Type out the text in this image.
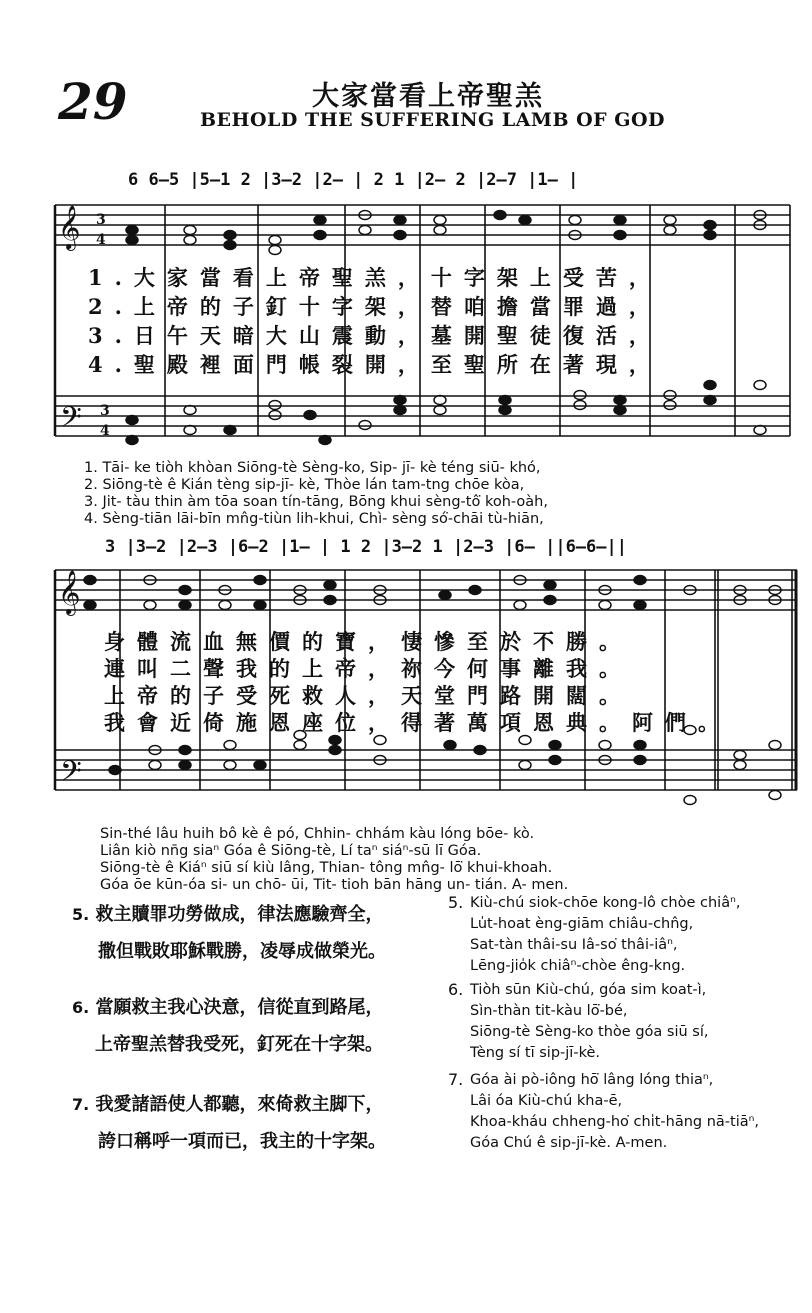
29	大家當看上帝聖羔
BEHOLD THE SUFFERING LAMB OF GOD
𝄞
𝄢
𝄞
𝄢
3
4
3
4
6 6—5 |5—1 2 |3—2 |2— | 2 1 |2— 2 |2—7 |1— |
1.大家當看上帝聖羔，十字架上受苦，
2.上帝的子釘十字架，替咱擔當罪過，
3.日午天暗大山震動，墓開聖徒復活，
4.聖殿裡面門帳裂開，至聖所在著現，
1. Tāi- ke tiòh khòan Siōng-tè Sèng-ko, Sip- jī- kè téng siū- khó,
2. Siōng-tè ê Kián tèng sip-jī- kè, Thòe lán tam-tng chōe kòa,
3. Jit- tàu thin àm tōa soan tín-tāng, Bōng khui sèng-tô͘ koh-oàh,
4. Sèng-tiān lāi-bīn mn̂g-tiùn lih-khui, Chì- sèng só͘-chāi tù-hiān,
3 |3—2 |2—3 |6—2 |1— | 1 2 |3—2 1 |2—3 |6— ||6—6—||
身體流血無價的寶，悽慘至於不勝。
連叫二聲我的上帝，祢今何事離我。
上帝的子受死救人，天堂門路開闊。
我會近倚施恩座位，得著萬項恩典。阿們。
Sin-thé lâu huih bô kè ê pó, Chhin- chhám kàu lóng bōe- kò.
Liân kiò nn̄g siaⁿ Góa ê Siōng-tè, Lí taⁿ siáⁿ-sū lī Góa.
Siōng-tè ê Kiáⁿ siū sí kiù lâng, Thian- tông mn̂g- lō͘ khui-khoah.
Góa ōe kūn-óa si- un chō- ūi, Tit- tioh bān hāng un- tián. A- men.
5. 救主贖罪功勞做成，律法應驗齊全，
撒但戰敗耶穌戰勝，凌辱成做榮光。
6. 當願救主我心決意，信從直到路尾，
上帝聖羔替我受死，釘死在十字架。
7. 我愛諸語使人都聽，來倚救主脚下，
誇口稱呼一項而已，我主的十字架。
5. Kiù-chú siok-chōe kong-lô chòe chiâⁿ,
Lu̍t-hoat èng-giām chiâu-chn̂g,
Sat-tàn thâi-su Iâ-so͘ thâi-iâⁿ,
Lēng-jio̍k chiâⁿ-chòe êng-kng.
6. Tiòh sūn Kiù-chú, góa sim koat-ì,
Sìn-thàn tit-kàu lō͘-bé,
Siōng-tè Sèng-ko thòe góa siū sí,
Tèng sí tī sip-jī-kè.
7. Góa ài pò-iông hō͘ lâng lóng thiaⁿ,
Lâi óa Kiù-chú kha-ē,
Khoa-kháu chheng-ho͘ chi̍t-hāng nā-tiāⁿ,
Góa Chú ê sip-jī-kè. A-men.
